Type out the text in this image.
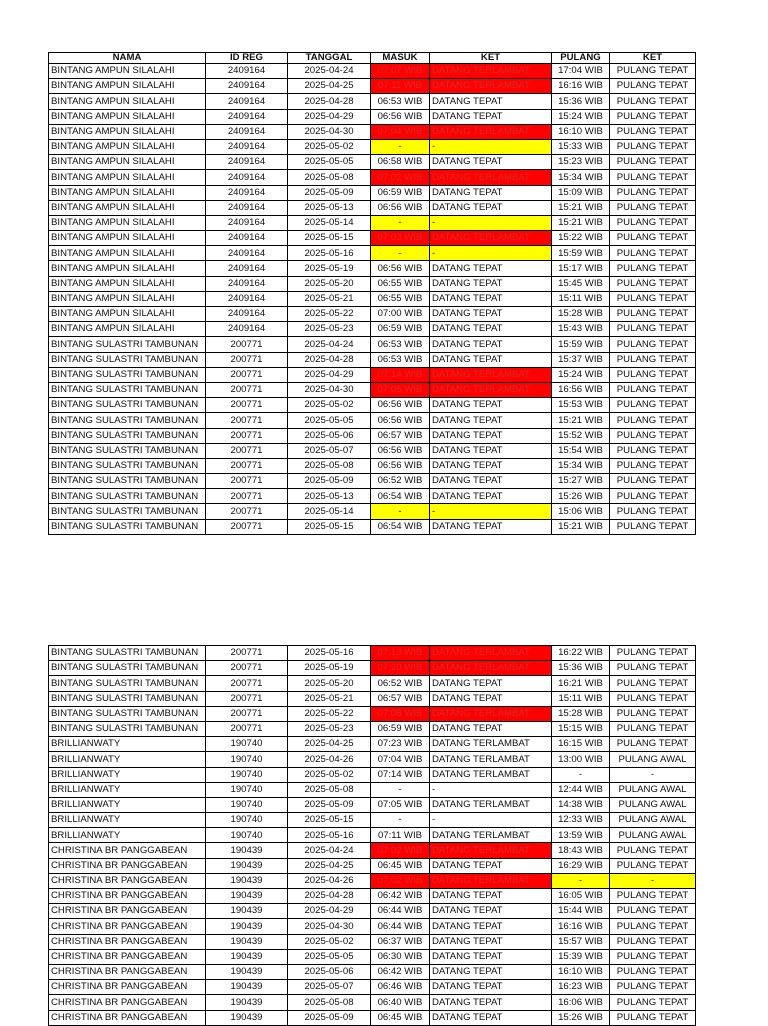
NAMA	ID REG	TANGGAL	MASUK	KET	PULANG	KET
BINTANG AMPUN SILALAHI	2409164	2025-04-24	07:07 WIB	DATANG TERLAMBAT	17:04 WIB	PULANG TEPAT
BINTANG AMPUN SILALAHI	2409164	2025-04-25	07:11 WIB	DATANG TERLAMBAT	16:16 WIB	PULANG TEPAT
BINTANG AMPUN SILALAHI	2409164	2025-04-28	06:53 WIB	DATANG TEPAT	15:36 WIB	PULANG TEPAT
BINTANG AMPUN SILALAHI	2409164	2025-04-29	06:56 WIB	DATANG TEPAT	15:24 WIB	PULANG TEPAT
BINTANG AMPUN SILALAHI	2409164	2025-04-30	07:04 WIB	DATANG TERLAMBAT	16:10 WIB	PULANG TEPAT
BINTANG AMPUN SILALAHI	2409164	2025-05-02	-	-	15:33 WIB	PULANG TEPAT
BINTANG AMPUN SILALAHI	2409164	2025-05-05	06:58 WIB	DATANG TEPAT	15:23 WIB	PULANG TEPAT
BINTANG AMPUN SILALAHI	2409164	2025-05-08	07:02 WIB	DATANG TERLAMBAT	15:34 WIB	PULANG TEPAT
BINTANG AMPUN SILALAHI	2409164	2025-05-09	06:59 WIB	DATANG TEPAT	15:09 WIB	PULANG TEPAT
BINTANG AMPUN SILALAHI	2409164	2025-05-13	06:56 WIB	DATANG TEPAT	15:21 WIB	PULANG TEPAT
BINTANG AMPUN SILALAHI	2409164	2025-05-14	-	-	15:21 WIB	PULANG TEPAT
BINTANG AMPUN SILALAHI	2409164	2025-05-15	07:03 WIB	DATANG TERLAMBAT	15:22 WIB	PULANG TEPAT
BINTANG AMPUN SILALAHI	2409164	2025-05-16	-	-	15:59 WIB	PULANG TEPAT
BINTANG AMPUN SILALAHI	2409164	2025-05-19	06:56 WIB	DATANG TEPAT	15:17 WIB	PULANG TEPAT
BINTANG AMPUN SILALAHI	2409164	2025-05-20	06:55 WIB	DATANG TEPAT	15:45 WIB	PULANG TEPAT
BINTANG AMPUN SILALAHI	2409164	2025-05-21	06:55 WIB	DATANG TEPAT	15:11 WIB	PULANG TEPAT
BINTANG AMPUN SILALAHI	2409164	2025-05-22	07:00 WIB	DATANG TEPAT	15:28 WIB	PULANG TEPAT
BINTANG AMPUN SILALAHI	2409164	2025-05-23	06:59 WIB	DATANG TEPAT	15:43 WIB	PULANG TEPAT
BINTANG SULASTRI TAMBUNAN	200771	2025-04-24	06:53 WIB	DATANG TEPAT	15:59 WIB	PULANG TEPAT
BINTANG SULASTRI TAMBUNAN	200771	2025-04-28	06:53 WIB	DATANG TEPAT	15:37 WIB	PULANG TEPAT
BINTANG SULASTRI TAMBUNAN	200771	2025-04-29	07:14 WIB	DATANG TERLAMBAT	15:24 WIB	PULANG TEPAT
BINTANG SULASTRI TAMBUNAN	200771	2025-04-30	07:05 WIB	DATANG TERLAMBAT	16:56 WIB	PULANG TEPAT
BINTANG SULASTRI TAMBUNAN	200771	2025-05-02	06:56 WIB	DATANG TEPAT	15:53 WIB	PULANG TEPAT
BINTANG SULASTRI TAMBUNAN	200771	2025-05-05	06:56 WIB	DATANG TEPAT	15:21 WIB	PULANG TEPAT
BINTANG SULASTRI TAMBUNAN	200771	2025-05-06	06:57 WIB	DATANG TEPAT	15:52 WIB	PULANG TEPAT
BINTANG SULASTRI TAMBUNAN	200771	2025-05-07	06:56 WIB	DATANG TEPAT	15:54 WIB	PULANG TEPAT
BINTANG SULASTRI TAMBUNAN	200771	2025-05-08	06:56 WIB	DATANG TEPAT	15:34 WIB	PULANG TEPAT
BINTANG SULASTRI TAMBUNAN	200771	2025-05-09	06:52 WIB	DATANG TEPAT	15:27 WIB	PULANG TEPAT
BINTANG SULASTRI TAMBUNAN	200771	2025-05-13	06:54 WIB	DATANG TEPAT	15:26 WIB	PULANG TEPAT
BINTANG SULASTRI TAMBUNAN	200771	2025-05-14	-	-	15:06 WIB	PULANG TEPAT
BINTANG SULASTRI TAMBUNAN	200771	2025-05-15	06:54 WIB	DATANG TEPAT	15:21 WIB	PULANG TEPAT
BINTANG SULASTRI TAMBUNAN	200771	2025-05-16	07:13 WIB	DATANG TERLAMBAT	16:22 WIB	PULANG TEPAT
BINTANG SULASTRI TAMBUNAN	200771	2025-05-19	07:20 WIB	DATANG TERLAMBAT	15:36 WIB	PULANG TEPAT
BINTANG SULASTRI TAMBUNAN	200771	2025-05-20	06:52 WIB	DATANG TEPAT	16:21 WIB	PULANG TEPAT
BINTANG SULASTRI TAMBUNAN	200771	2025-05-21	06:57 WIB	DATANG TEPAT	15:11 WIB	PULANG TEPAT
BINTANG SULASTRI TAMBUNAN	200771	2025-05-22	07:08 WIB	DATANG TERLAMBAT	15:28 WIB	PULANG TEPAT
BINTANG SULASTRI TAMBUNAN	200771	2025-05-23	06:59 WIB	DATANG TEPAT	15:15 WIB	PULANG TEPAT
BRILLIANWATY	190740	2025-04-25	07:23 WIB	DATANG TERLAMBAT	16:15 WIB	PULANG TEPAT
BRILLIANWATY	190740	2025-04-26	07:04 WIB	DATANG TERLAMBAT	13:00 WIB	PULANG AWAL
BRILLIANWATY	190740	2025-05-02	07:14 WIB	DATANG TERLAMBAT	-	-
BRILLIANWATY	190740	2025-05-08	-	-	12:44 WIB	PULANG AWAL
BRILLIANWATY	190740	2025-05-09	07:05 WIB	DATANG TERLAMBAT	14:38 WIB	PULANG AWAL
BRILLIANWATY	190740	2025-05-15	-	-	12:33 WIB	PULANG AWAL
BRILLIANWATY	190740	2025-05-16	07:11 WIB	DATANG TERLAMBAT	13:59 WIB	PULANG AWAL
CHRISTINA BR PANGGABEAN	190439	2025-04-24	07:02 WIB	DATANG TERLAMBAT	18:43 WIB	PULANG TEPAT
CHRISTINA BR PANGGABEAN	190439	2025-04-25	06:45 WIB	DATANG TEPAT	16:29 WIB	PULANG TEPAT
CHRISTINA BR PANGGABEAN	190439	2025-04-26	07:02 WIB	DATANG TERLAMBAT	-	-
CHRISTINA BR PANGGABEAN	190439	2025-04-28	06:42 WIB	DATANG TEPAT	16:05 WIB	PULANG TEPAT
CHRISTINA BR PANGGABEAN	190439	2025-04-29	06:44 WIB	DATANG TEPAT	15:44 WIB	PULANG TEPAT
CHRISTINA BR PANGGABEAN	190439	2025-04-30	06:44 WIB	DATANG TEPAT	16:16 WIB	PULANG TEPAT
CHRISTINA BR PANGGABEAN	190439	2025-05-02	06:37 WIB	DATANG TEPAT	15:57 WIB	PULANG TEPAT
CHRISTINA BR PANGGABEAN	190439	2025-05-05	06:30 WIB	DATANG TEPAT	15:39 WIB	PULANG TEPAT
CHRISTINA BR PANGGABEAN	190439	2025-05-06	06:42 WIB	DATANG TEPAT	16:10 WIB	PULANG TEPAT
CHRISTINA BR PANGGABEAN	190439	2025-05-07	06:46 WIB	DATANG TEPAT	16:23 WIB	PULANG TEPAT
CHRISTINA BR PANGGABEAN	190439	2025-05-08	06:40 WIB	DATANG TEPAT	16:06 WIB	PULANG TEPAT
CHRISTINA BR PANGGABEAN	190439	2025-05-09	06:45 WIB	DATANG TEPAT	15:26 WIB	PULANG TEPAT
